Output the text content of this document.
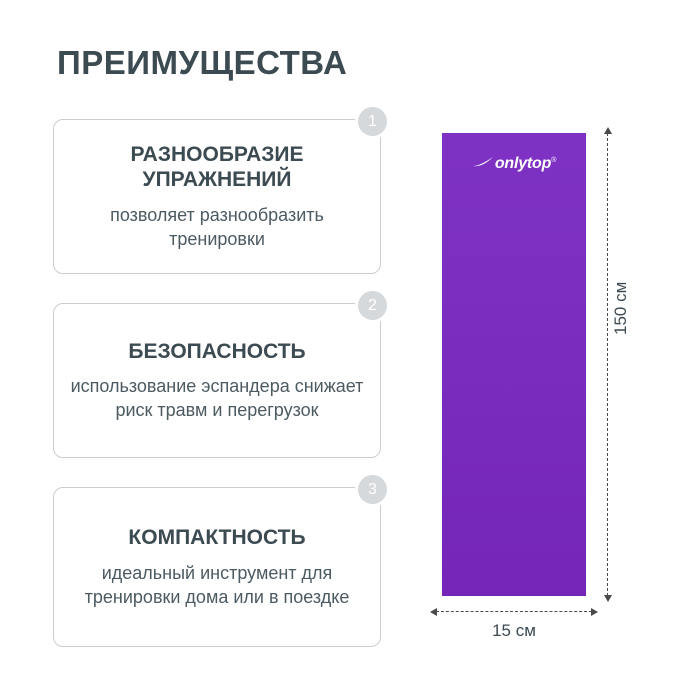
ПРЕИМУЩЕСТВА
РАЗНООБРАЗИЕ УПРАЖНЕНИЙ
позволяет разнообразить тренировки
1
БЕЗОПАСНОСТЬ
использование эспандера снижает риск травм и перегрузок
2
КОМПАКТНОСТЬ
идеальный инструмент для тренировки дома или в поездке
3
onlytop®
150 см
15 см
